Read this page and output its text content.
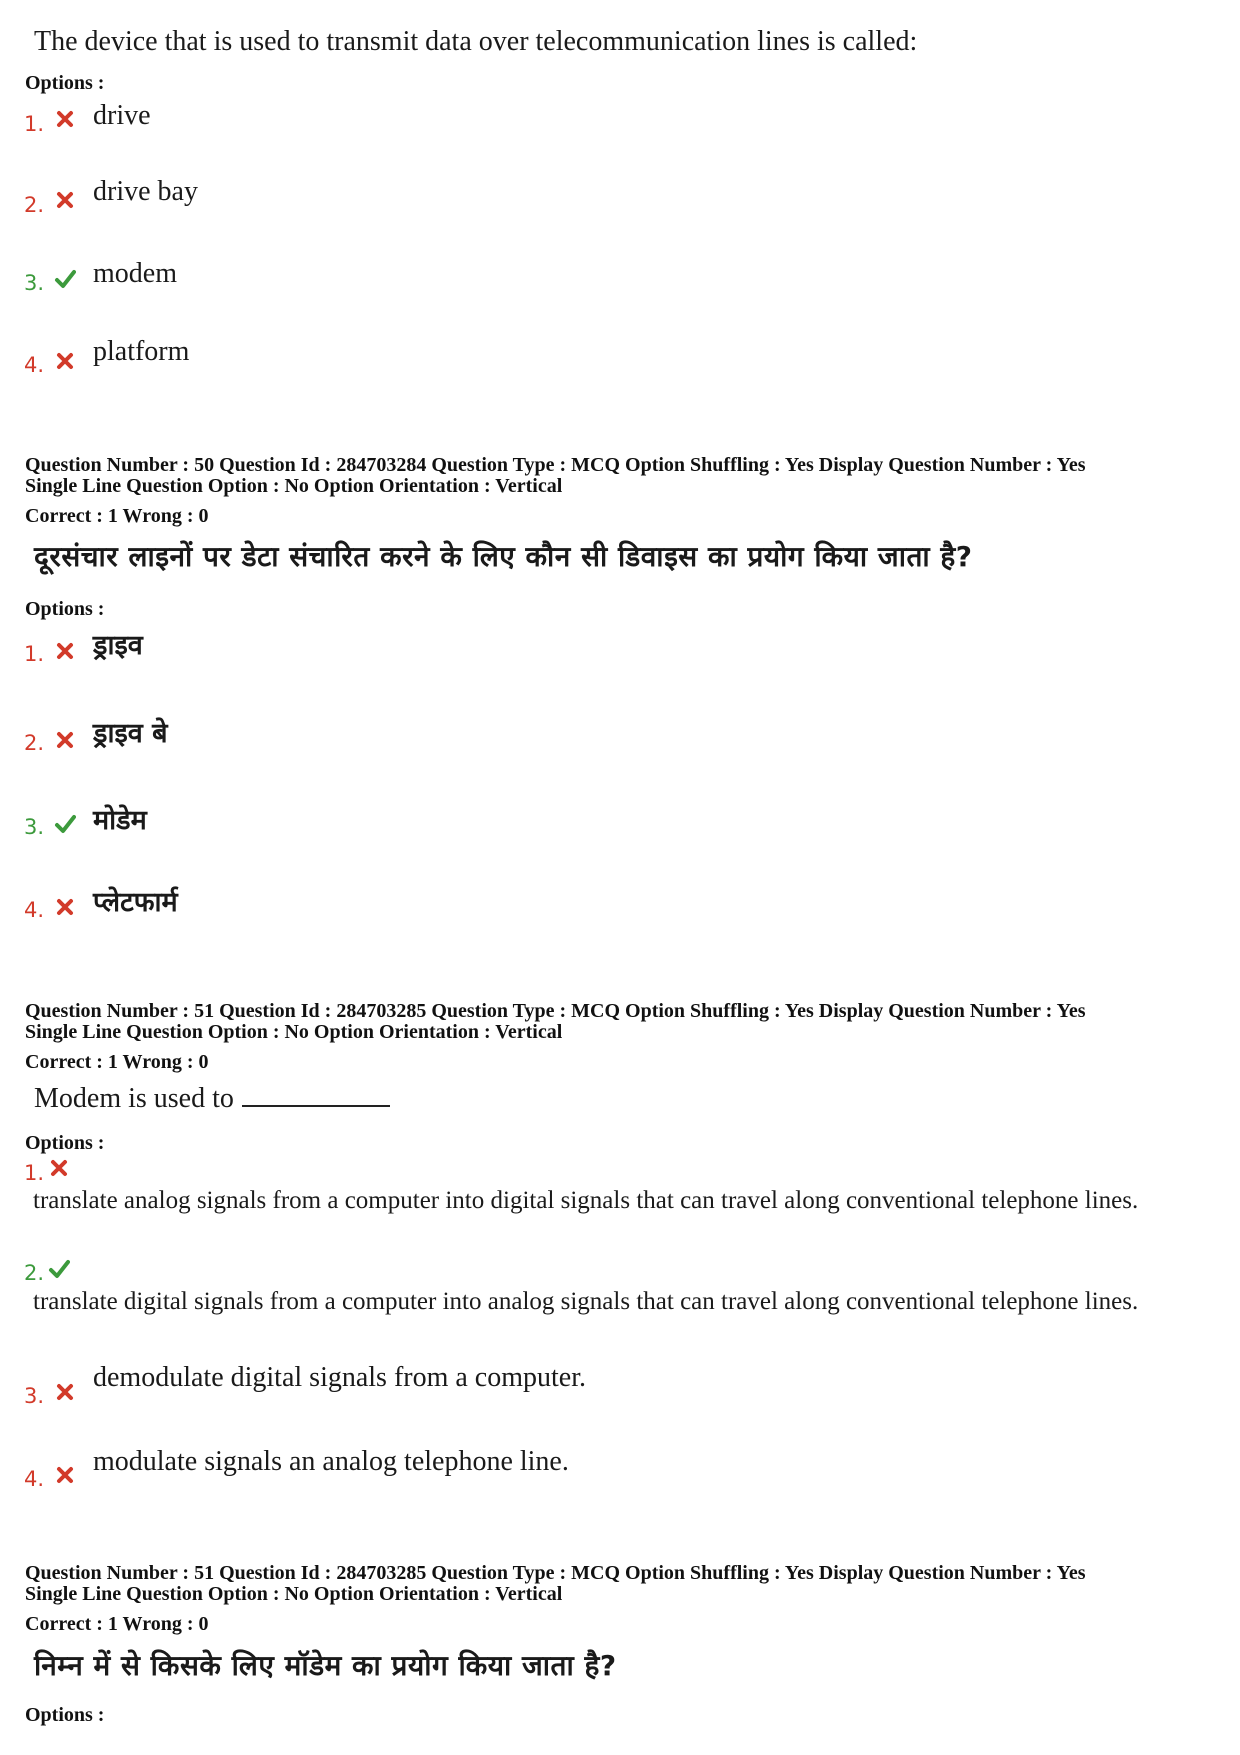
The device that is used to transmit data over telecommunication lines is called:
Options :
1. drive
2. drive bay
3. modem
4. platform
Question Number : 50 Question Id : 284703284 Question Type : MCQ Option Shuffling : Yes Display Question Number : Yes
Single Line Question Option : No Option Orientation : Vertical
Correct : 1 Wrong : 0
दूरसंचार लाइनों पर डेटा संचारित करने के लिए कौन सी डिवाइस का प्रयोग किया जाता है?
Options :
1. ड्राइव
2. ड्राइव बे
3. मोडेम
4. प्लेटफार्म
Question Number : 51 Question Id : 284703285 Question Type : MCQ Option Shuffling : Yes Display Question Number : Yes
Single Line Question Option : No Option Orientation : Vertical
Correct : 1 Wrong : 0
Modem is used to
Options :
1.
translate analog signals from a computer into digital signals that can travel along conventional telephone lines.
2.
translate digital signals from a computer into analog signals that can travel along conventional telephone lines.
3.
demodulate digital signals from a computer.
4.
modulate signals an analog telephone line.
Question Number : 51 Question Id : 284703285 Question Type : MCQ Option Shuffling : Yes Display Question Number : Yes
Single Line Question Option : No Option Orientation : Vertical
Correct : 1 Wrong : 0
निम्न में से किसके लिए मॉडेम का प्रयोग किया जाता है?
Options :
